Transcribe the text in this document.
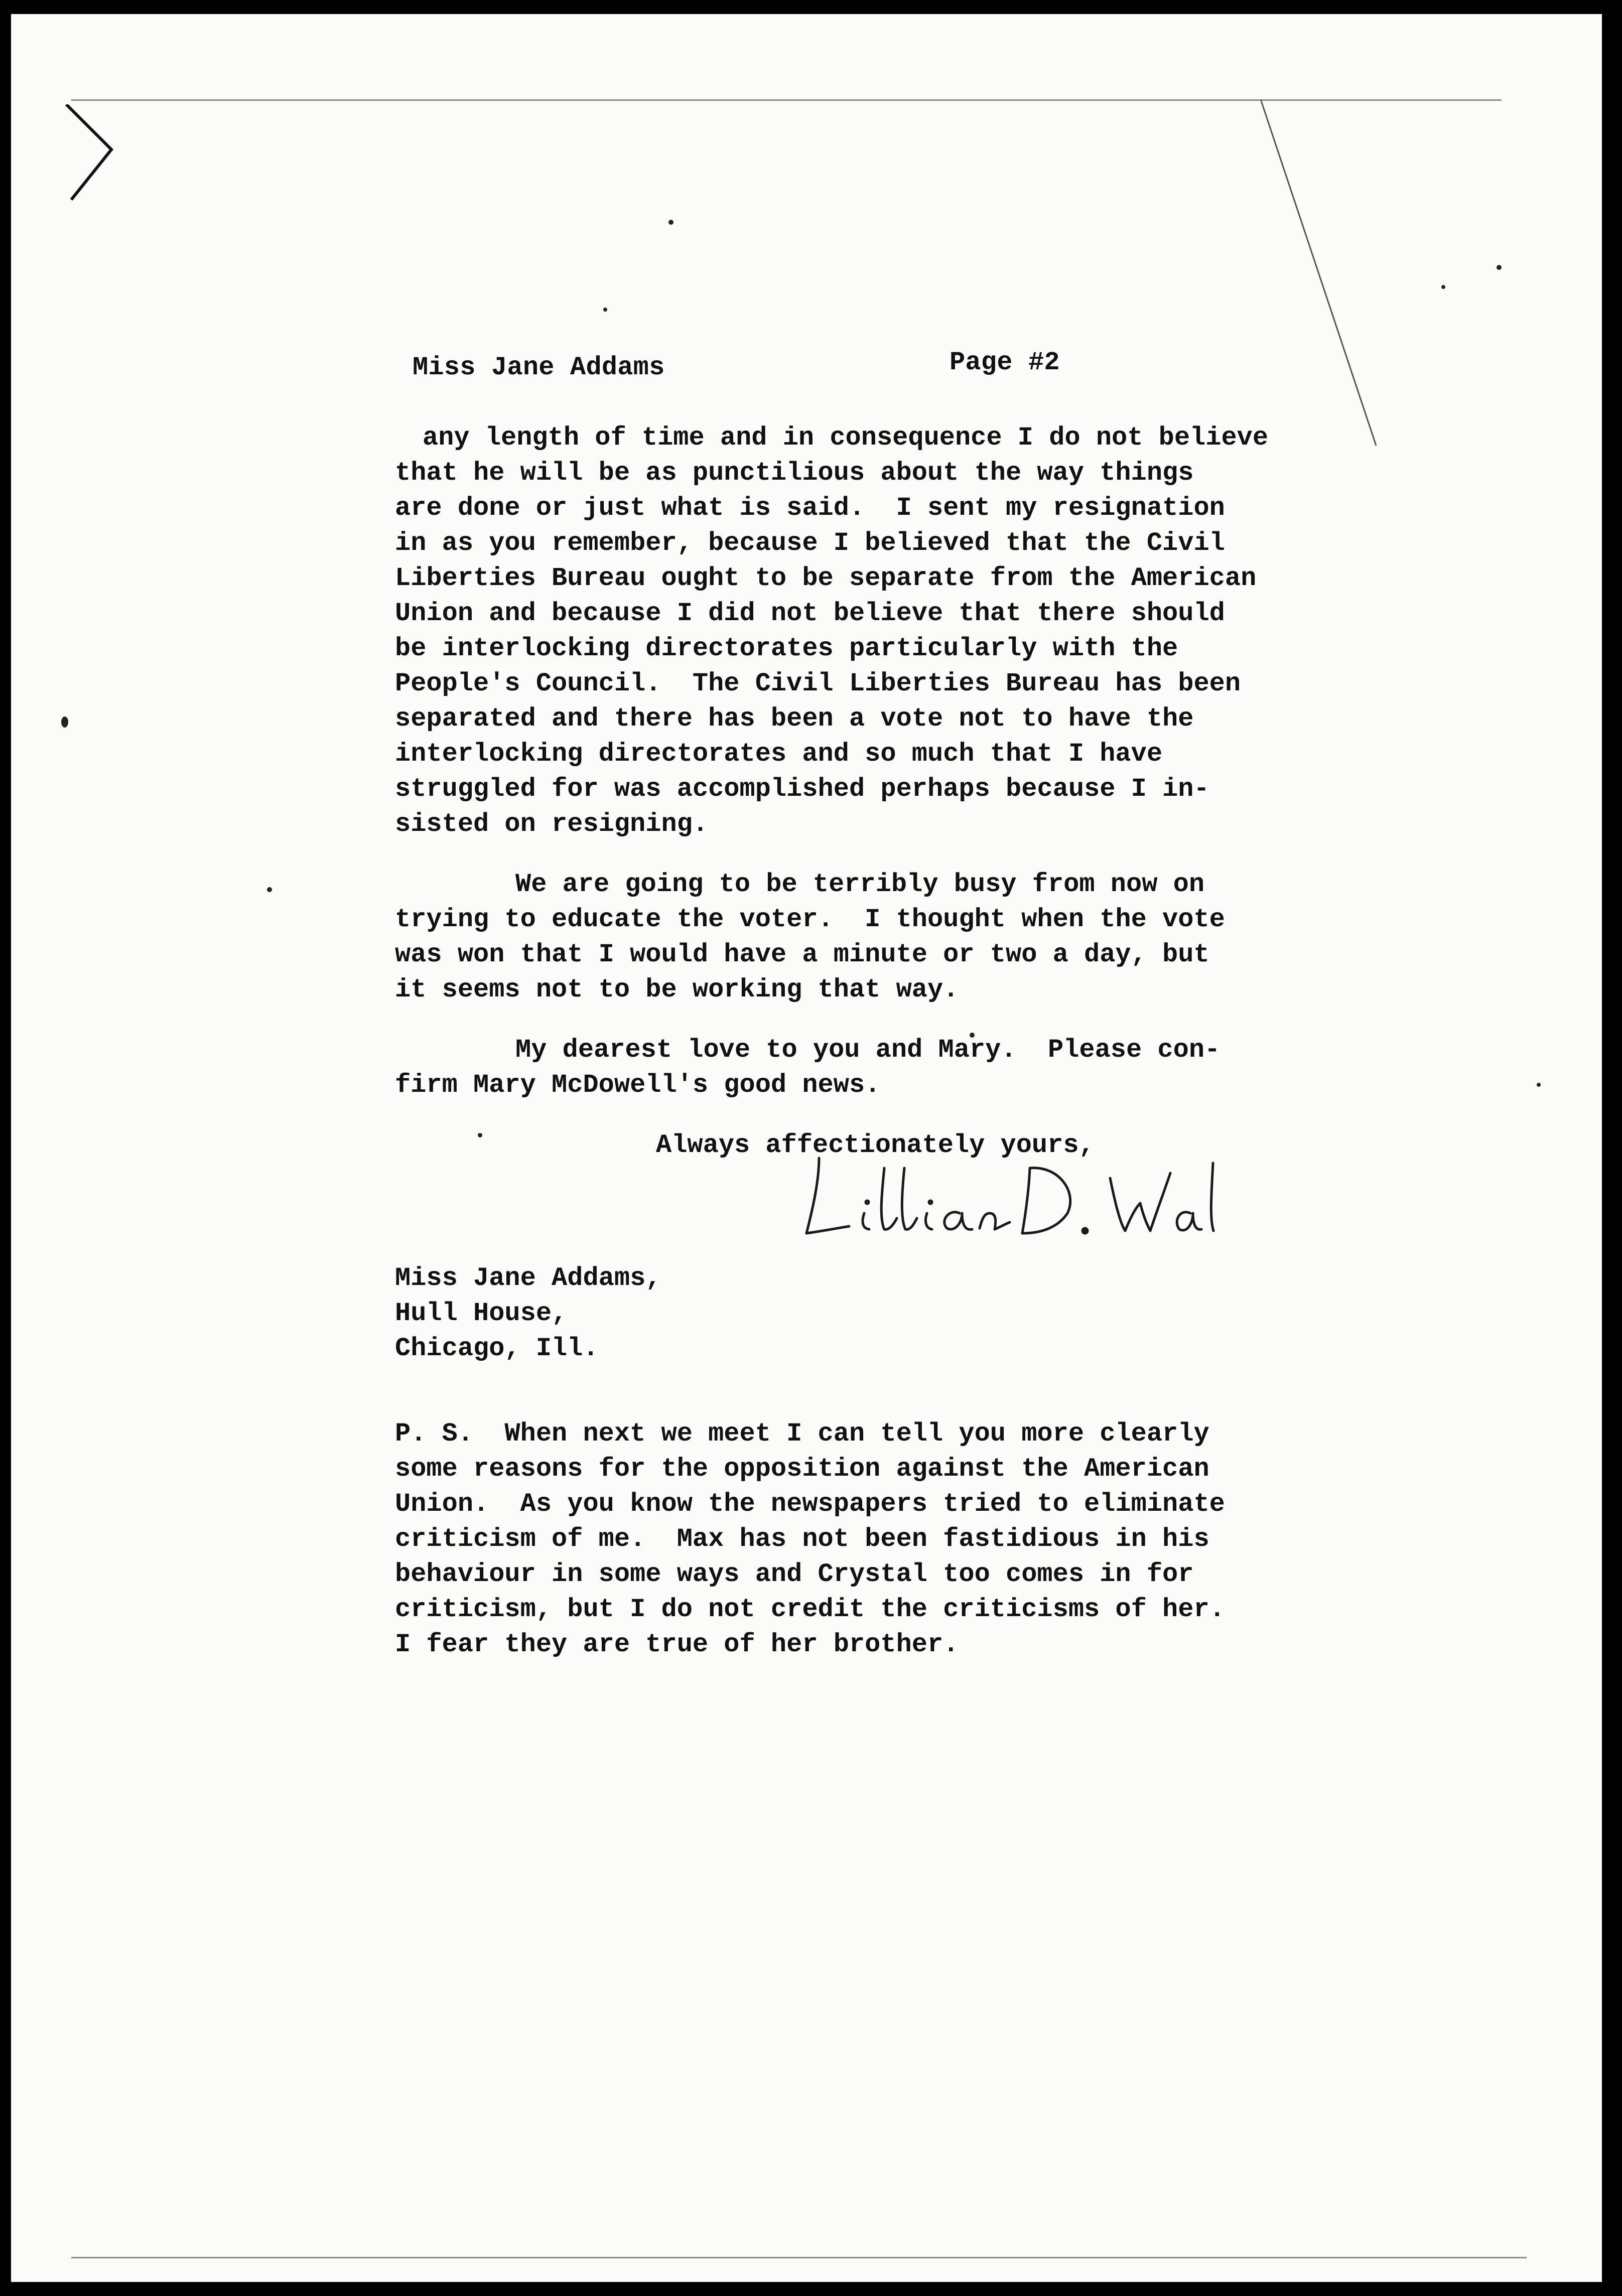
Miss Jane Addams	Page #2
any length of time and in consequence I do not believe
that he will be as punctilious about the way things
are done or just what is said.  I sent my resignation
in as you remember, because I believed that the Civil
Liberties Bureau ought to be separate from the American
Union and because I did not believe that there should
be interlocking directorates particularly with the
People's Council.  The Civil Liberties Bureau has been
separated and there has been a vote not to have the
interlocking directorates and so much that I have
struggled for was accomplished perhaps because I in-
sisted on resigning.
We are going to be terribly busy from now on
trying to educate the voter.  I thought when the vote
was won that I would have a minute or two a day, but
it seems not to be working that way.
My dearest love to you and Mary.  Please con-
firm Mary McDowell's good news.
Always affectionately yours,
Miss Jane Addams,
Hull House,
Chicago, Ill.
P. S.  When next we meet I can tell you more clearly
some reasons for the opposition against the American
Union.  As you know the newspapers tried to eliminate
criticism of me.  Max has not been fastidious in his
behaviour in some ways and Crystal too comes in for
criticism, but I do not credit the criticisms of her.
I fear they are true of her brother.
